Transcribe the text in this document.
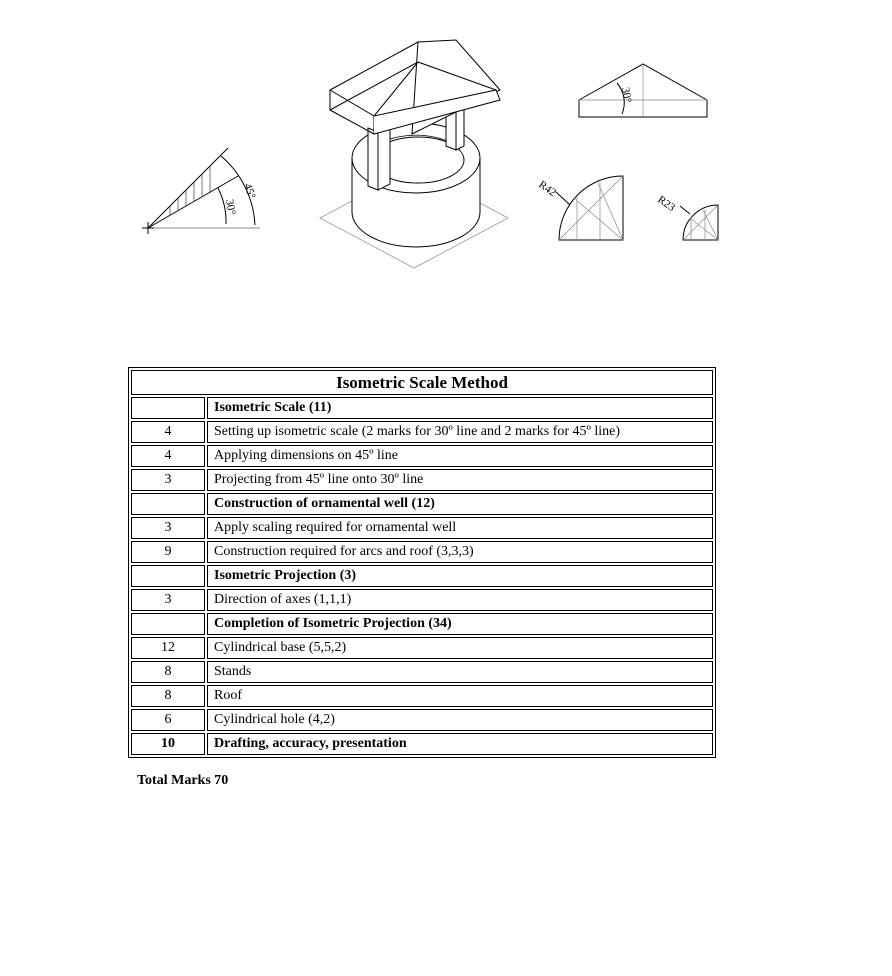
45°
30°
30°
R42
R23
Isometric Scale Method	
	Isometric Scale (11)
4	Setting up isometric scale (2 marks for 30º line and 2 marks for 45º line)
4	Applying dimensions on 45º line
3	Projecting from 45º line onto 30º line
	Construction of ornamental well (12)
3	Apply scaling required for ornamental well
9	Construction required for arcs and roof (3,3,3)
	Isometric Projection (3)
3	Direction of axes (1,1,1)
	Completion of Isometric Projection (34)
12	Cylindrical base (5,5,2)
8	Stands
8	Roof
6	Cylindrical hole (4,2)
10	Drafting, accuracy, presentation
Total Marks 70
